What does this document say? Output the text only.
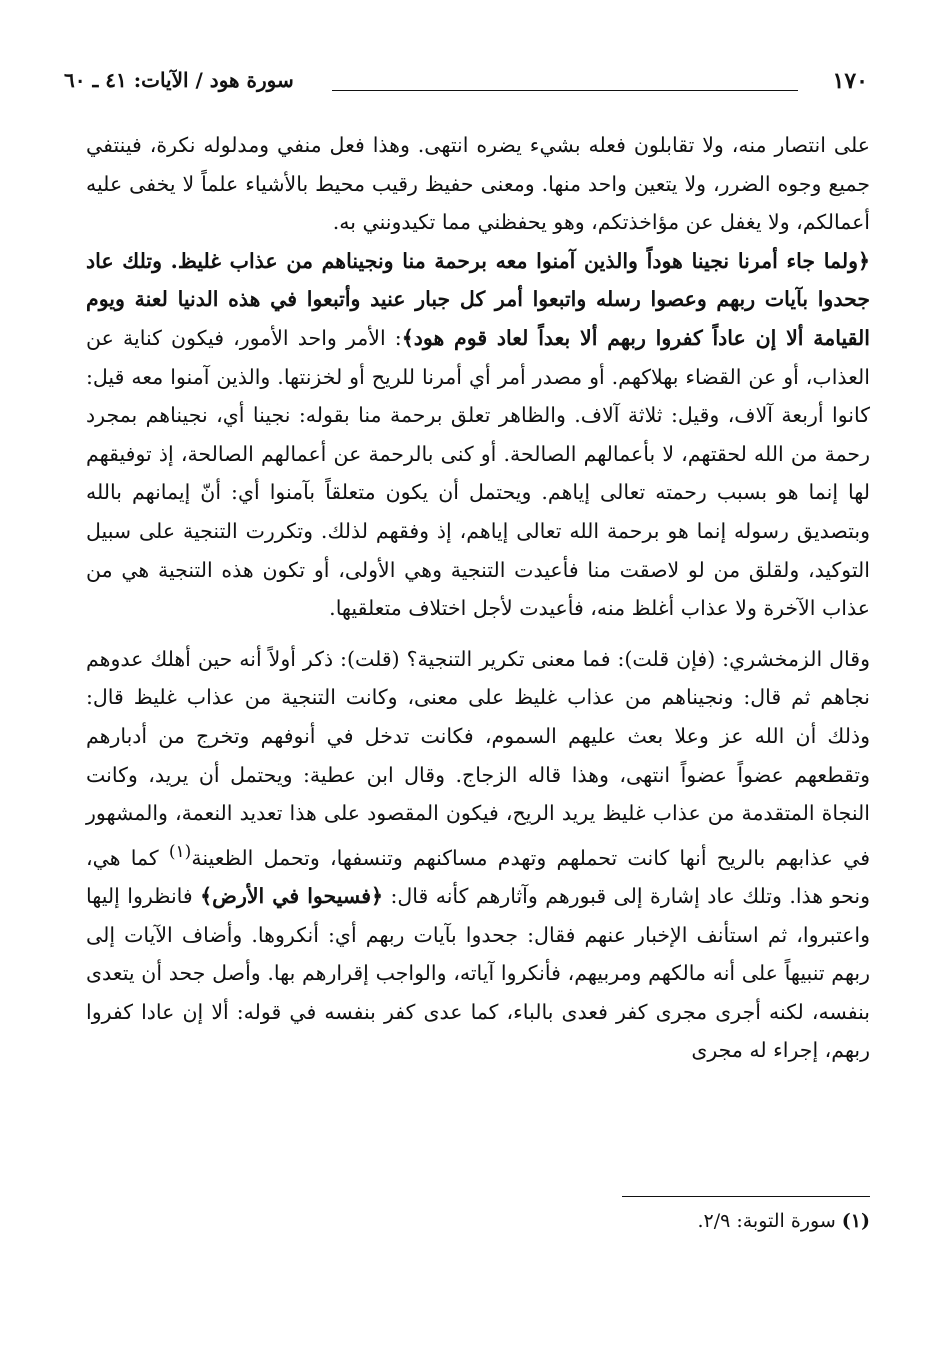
١٧٠
سورة هود / الآيات: ٤١ ـ ٦٠

على انتصار منه، ولا تقابلون فعله بشيء يضره انتهى. وهذا فعل منفي ومدلوله نكرة، فينتفي جميع وجوه الضرر، ولا يتعين واحد منها. ومعنى حفيظ رقيب محيط بالأشياء علماً لا يخفى عليه أعمالكم، ولا يغفل عن مؤاخذتكم، وهو يحفظني مما تكيدونني به.

﴿ولما جاء أمرنا نجينا هوداً والذين آمنوا معه برحمة منا ونجيناهم من عذاب غليظ. وتلك عاد جحدوا بآيات ربهم وعصوا رسله واتبعوا أمر كل جبار عنيد وأتبعوا في هذه الدنيا لعنة ويوم القيامة ألا إن عاداً كفروا ربهم ألا بعداً لعاد قوم هود﴾: الأمر واحد الأمور، فيكون كناية عن العذاب، أو عن القضاء بهلاكهم. أو مصدر أمر أي أمرنا للريح أو لخزنتها. والذين آمنوا معه قيل: كانوا أربعة آلاف، وقيل: ثلاثة آلاف. والظاهر تعلق برحمة منا بقوله: نجينا أي، نجيناهم بمجرد رحمة من الله لحقتهم، لا بأعمالهم الصالحة. أو كنى بالرحمة عن أعمالهم الصالحة، إذ توفيقهم لها إنما هو بسبب رحمته تعالى إياهم. ويحتمل أن يكون متعلقاً بآمنوا أي: أنّ إيمانهم بالله وبتصديق رسوله إنما هو برحمة الله تعالى إياهم، إذ وفقهم لذلك. وتكررت التنجية على سبيل التوكيد، ولقلق من لو لاصقت منا فأعيدت التنجية وهي الأولى، أو تكون هذه التنجية هي من عذاب الآخرة ولا عذاب أغلظ منه، فأعيدت لأجل اختلاف متعلقيها.

وقال الزمخشري: (فإن قلت): فما معنى تكرير التنجية؟ (قلت): ذكر أولاً أنه حين أهلك عدوهم نجاهم ثم قال: ونجيناهم من عذاب غليظ على معنى، وكانت التنجية من عذاب غليظ قال: وذلك أن الله عز وعلا بعث عليهم السموم، فكانت تدخل في أنوفهم وتخرج من أدبارهم وتقطعهم عضواً عضواً انتهى، وهذا قاله الزجاج. وقال ابن عطية: ويحتمل أن يريد، وكانت النجاة المتقدمة من عذاب غليظ يريد الريح، فيكون المقصود على هذا تعديد النعمة، والمشهور في عذابهم بالريح أنها كانت تحملهم وتهدم مساكنهم وتنسفها، وتحمل الظعينة$^{(١)}$ كما هي، ونحو هذا. وتلك عاد إشارة إلى قبورهم وآثارهم كأنه قال: ﴿فسيحوا في الأرض﴾ فانظروا إليها واعتبروا، ثم استأنف الإخبار عنهم فقال: جحدوا بآيات ربهم أي: أنكروها. وأضاف الآيات إلى ربهم تنبيهاً على أنه مالكهم ومربيهم، فأنكروا آياته، والواجب إقرارهم بها. وأصل جحد أن يتعدى بنفسه، لكنه أجرى مجرى كفر فعدى بالباء، كما عدى كفر بنفسه في قوله: ألا إن عادا كفروا ربهم، إجراء له مجرى

(١) سورة التوبة: ٢/٩.
